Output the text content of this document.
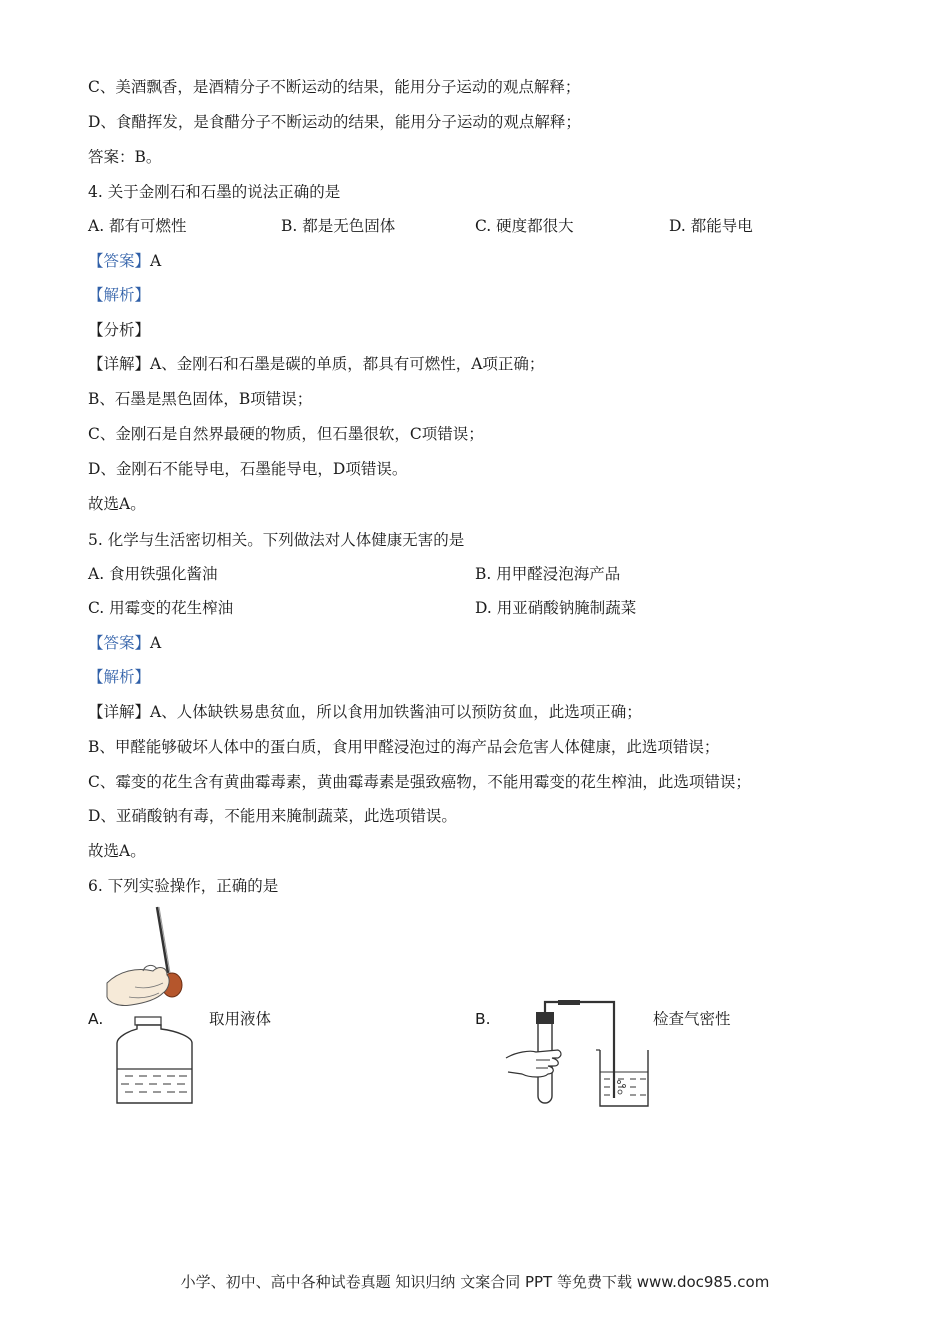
C、美酒飘香，是酒精分子不断运动的结果，能用分子运动的观点解释；
D、食醋挥发，是食醋分子不断运动的结果，能用分子运动的观点解释；
答案：B。
4. 关于金刚石和石墨的说法正确的是
A. 都有可燃性	B. 都是无色固体	C. 硬度都很大	D. 都能导电
【答案】A
【解析】
【分析】
【详解】A、金刚石和石墨是碳的单质，都具有可燃性，A项正确；
B、石墨是黑色固体，B项错误；
C、金刚石是自然界最硬的物质，但石墨很软，C项错误；
D、金刚石不能导电，石墨能导电，D项错误。
故选A。
5. 化学与生活密切相关。下列做法对人体健康无害的是
A. 食用铁强化酱油	B. 用甲醛浸泡海产品
C. 用霉变的花生榨油	D. 用亚硝酸钠腌制蔬菜
【答案】A
【解析】
【详解】A、人体缺铁易患贫血，所以食用加铁酱油可以预防贫血，此选项正确；
B、甲醛能够破坏人体中的蛋白质，食用甲醛浸泡过的海产品会危害人体健康，此选项错误；
C、霉变的花生含有黄曲霉毒素，黄曲霉毒素是强致癌物，不能用霉变的花生榨油，此选项错误；
D、亚硝酸钠有毒，不能用来腌制蔬菜，此选项错误。
故选A。
6. 下列实验操作，正确的是
A.	取用液体	B.	检查气密性
小学、初中、高中各种试卷真题 知识归纳 文案合同 PPT 等免费下载 www.doc985.com
